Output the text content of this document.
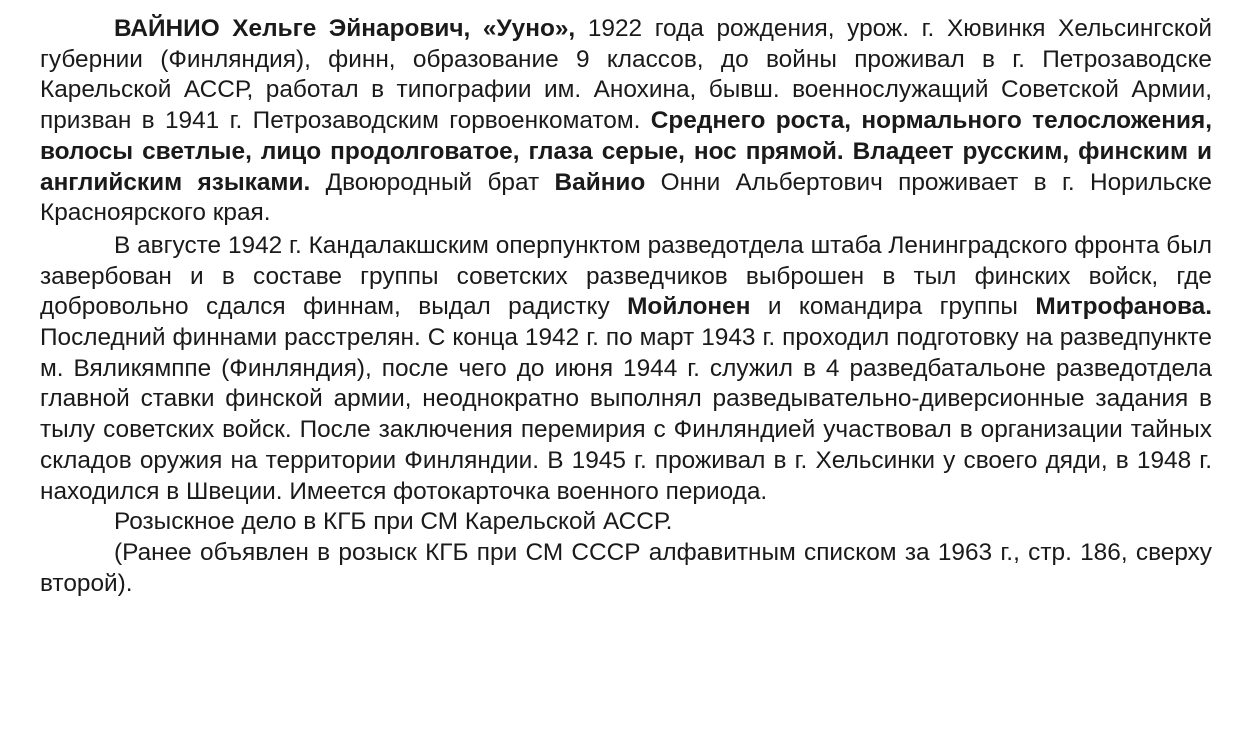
ВАЙНИО Хельге Эйнарович, «Ууно», 1922 года рождения, урож. г. Хювинкя Хельсингской губернии (Финляндия), финн, образование 9 классов, до войны проживал в г. Петрозаводске Карельской АССР, работал в типографии им. Анохина, бывш. военнослужащий Советской Армии, призван в 1941 г. Петрозаводским горвоенкоматом. Среднего роста, нормального телосложения, волосы светлые, лицо продолговатое, глаза серые, нос прямой. Владеет русским, финским и английским языками. Двоюродный брат Вайнио Онни Альбертович проживает в г. Норильске Красноярского края.

В августе 1942 г. Кандалакшским оперпунктом разведотдела штаба Ленинградского фронта был завербован и в составе группы советских разведчиков выброшен в тыл финских войск, где добровольно сдался финнам, выдал радистку Мойлонен и командира группы Митрофанова. Последний финнами расстрелян. С конца 1942 г. по март 1943 г. проходил подготовку на разведпункте м. Вяликямппе (Финляндия), после чего до июня 1944 г. служил в 4 разведбатальоне разведотдела главной ставки финской армии, неоднократно выполнял разведывательно-диверсионные задания в тылу советских войск. После заключения перемирия с Финляндией участвовал в организации тайных складов оружия на территории Финляндии. В 1945 г. проживал в г. Хельсинки у своего дяди, в 1948 г. находился в Швеции. Имеется фотокарточка военного периода.

Розыскное дело в КГБ при СМ Карельской АССР.

(Ранее объявлен в розыск КГБ при СМ СССР алфавитным списком за 1963 г., стр. 186, сверху второй).
